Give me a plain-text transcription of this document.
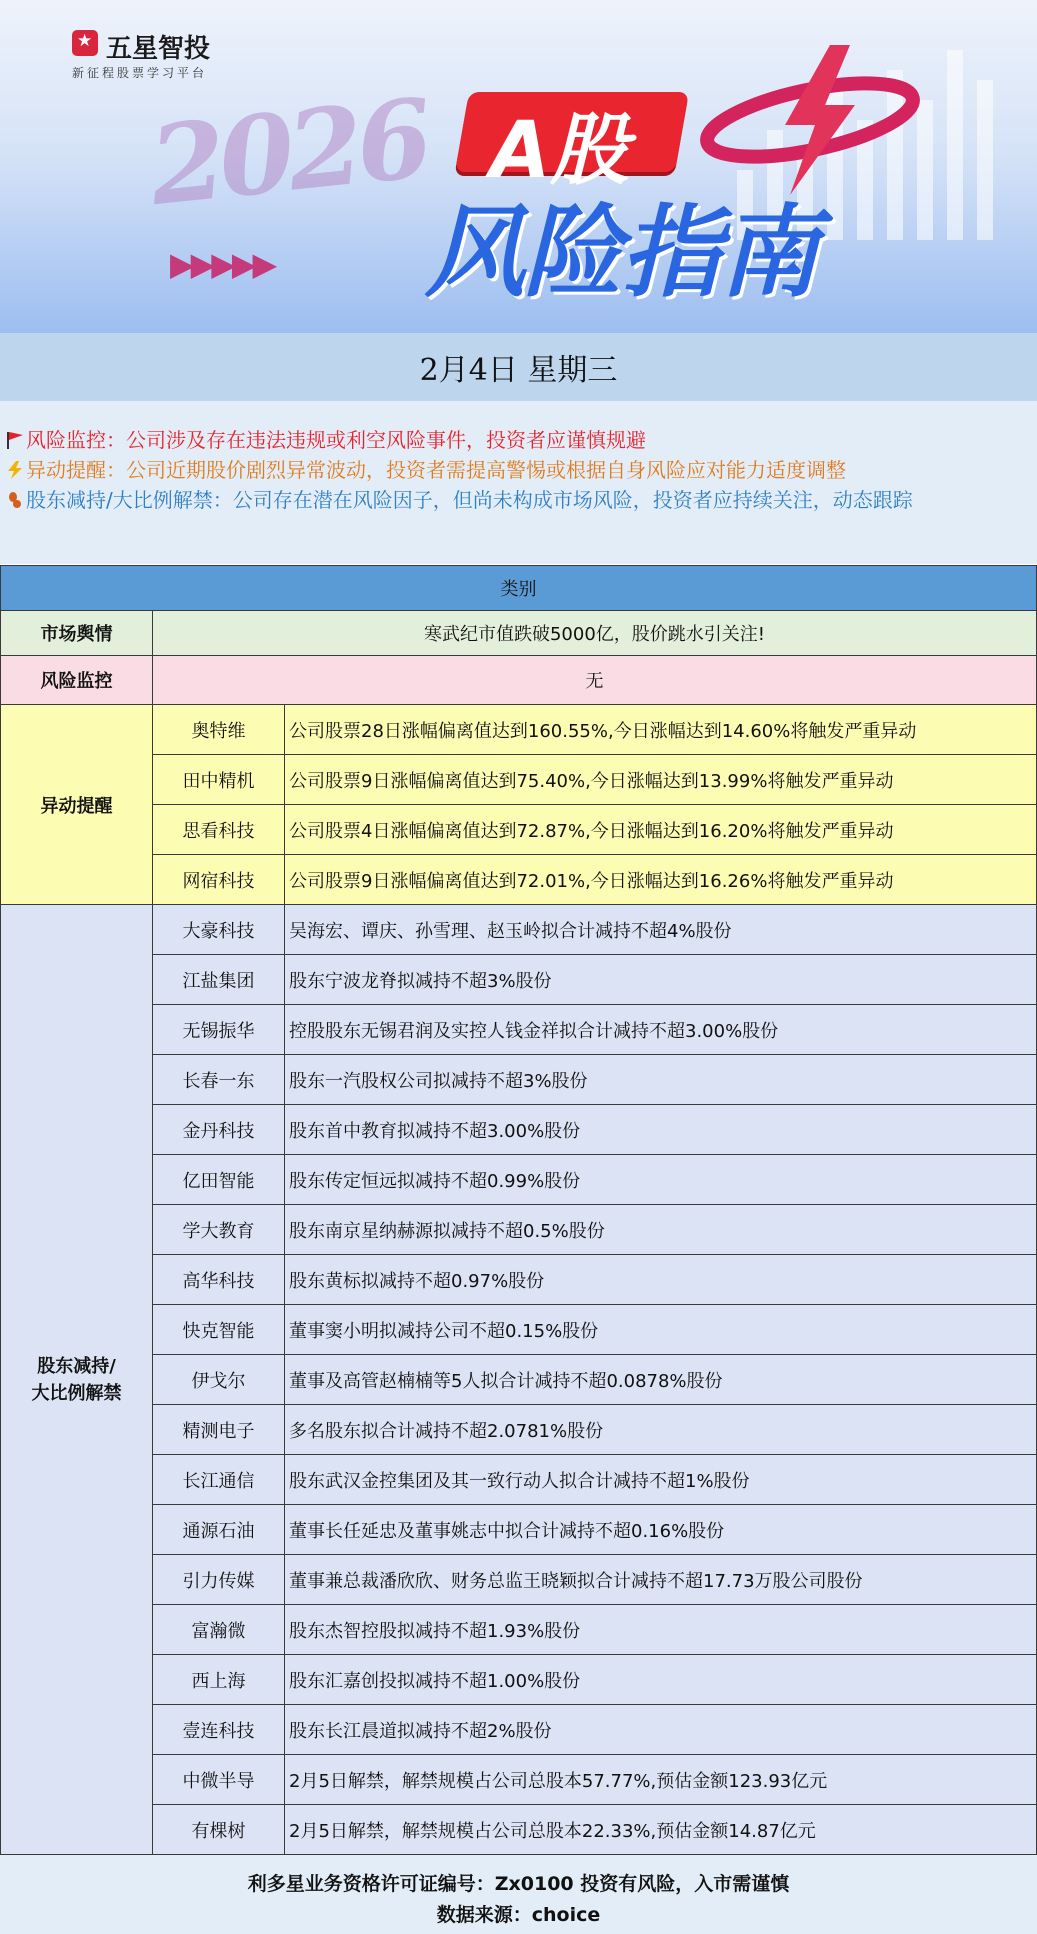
★
五星智投
新征程股票学习平台
2026
▶▶▶▶▶
A股
风险指南
2月4日 星期三
风险监控：公司涉及存在违法违规或利空风险事件，投资者应谨慎规避
异动提醒：公司近期股价剧烈异常波动，投资者需提高警惕或根据自身风险应对能力适度调整
股东减持/大比例解禁：公司存在潜在风险因子，但尚未构成市场风险，投资者应持续关注，动态跟踪
类别		
市场舆情	寒武纪市值跌破5000亿，股价跳水引关注!	
风险监控	无	
异动提醒	奥特维	公司股票28日涨幅偏离值达到160.55%,今日涨幅达到14.60%将触发严重异动
	田中精机	公司股票9日涨幅偏离值达到75.40%,今日涨幅达到13.99%将触发严重异动
	思看科技	公司股票4日涨幅偏离值达到72.87%,今日涨幅达到16.20%将触发严重异动
	网宿科技	公司股票9日涨幅偏离值达到72.01%,今日涨幅达到16.26%将触发严重异动
股东减持/
大比例解禁	大豪科技	吴海宏、谭庆、孙雪理、赵玉岭拟合计减持不超4%股份
	江盐集团	股东宁波龙脊拟减持不超3%股份
	无锡振华	控股股东无锡君润及实控人钱金祥拟合计减持不超3.00%股份
	长春一东	股东一汽股权公司拟减持不超3%股份
	金丹科技	股东首中教育拟减持不超3.00%股份
	亿田智能	股东传定恒远拟减持不超0.99%股份
	学大教育	股东南京星纳赫源拟减持不超0.5%股份
	高华科技	股东黄标拟减持不超0.97%股份
	快克智能	董事窦小明拟减持公司不超0.15%股份
	伊戈尔	董事及高管赵楠楠等5人拟合计减持不超0.0878%股份
	精测电子	多名股东拟合计减持不超2.0781%股份
	长江通信	股东武汉金控集团及其一致行动人拟合计减持不超1%股份
	通源石油	董事长任延忠及董事姚志中拟合计减持不超0.16%股份
	引力传媒	董事兼总裁潘欣欣、财务总监王晓颖拟合计减持不超17.73万股公司股份
	富瀚微	股东杰智控股拟减持不超1.93%股份
	西上海	股东汇嘉创投拟减持不超1.00%股份
	壹连科技	股东长江晨道拟减持不超2%股份
	中微半导	2月5日解禁，解禁规模占公司总股本57.77%,预估金额123.93亿元
	有棵树	2月5日解禁，解禁规模占公司总股本22.33%,预估金额14.87亿元
利多星业务资格许可证编号：Zx0100 投资有风险，入市需谨慎
数据来源：choice
